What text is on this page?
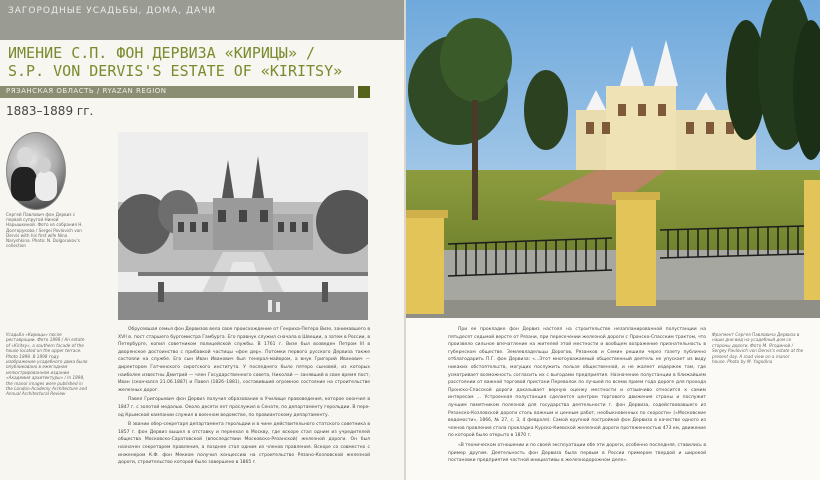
ЗАГОРОДНЫЕ УСАДЬБЫ, ДОМА, ДАЧИ
ИМЕНИЕ С.П. ФОН ДЕРВИЗА «КИРИЦЫ» /
S.P. VON DERVIS'S ESTATE OF «KIRITSY»
РЯЗАНСКАЯ ОБЛАСТЬ / RYAZAN REGION
1883–1889 гг.
Сергей Павлович фон Дервиз с первой супругой Ниной Нарышкиной. Фото из собрания Н. Долгорукова / Sergei Pavlovich von Dervis with his first wife Nina Naryshkina. Photo: N. Dolgorukov's collection
Усадьба «Кирицы» после реставрации. Фото 1898 / An estate of «Kiritsy», a southern facade of the house located on the upper terrace. Photo 1898. В 1898 году изображение усадебного дома было опубликовано в ежегодном иллюстрированном издании «Академия архитектуры» / In 1898, the manor images were published in the London-Academy Architecture and Annual Architectural Review

Обрусевшая семья фон Дервизов вела свое происхождение от Генриха-Петера Визе, занимавшего в XVII в. пост старшего бургомистра Гамбурга. Его правнук служил сначала в Швеции, а затем в России, в Петербурге, копил советником полицейской службы. В 1761 г. Визе был возведен Петром III в дворянское достоинство с прибавкой частицы «фон дер». Потомки первого русского Дервиза также состояли на службе. Его сын Иван Иванович был генерал-майором, а внук Григорий Иванович — директором Гатчинского сиротского института. У последнего было пятеро сыновей, из которых наиболее известны Дмитрий — член Государственного совета, Николай — занявший в свое время пост, Иван (скончался 21.06.1887) и Павел (1826–1881), составивший огромное состояние на строительстве железных дорог.

Павел Григорьевич фон Дервиз получил образование в Училище правоведения, которое окончил в 1847 г. с золотой медалью. Около десяти лет прослужил в Сенате, по департаменту герольдии. В пере-од Крымской кампании служил в военном ведомстве, по провиантскому департаменту.

В звании обер-секретаря департамента герольдии и в чине действительного статского советника в 1857 г. фон Дервиз вышел в отставку и переехал в Москву, где вскоре стал одним из учредителей общества Московско-Саратовской (впоследствии Московско-Рязанской) железной дороги. Он был назначен секретарем правления, а позднее стал одним из членов правления. Вскоре со совместно с инженером К.Ф. фон Мекком получил концессию на строительство Рязано-Козловской железной дороги, строительство которой было завершено в 1865 г.

При ее прокладке фон Дервиз настоял на строительстве незапланированной полустанции на пятьдесят седьмой версте от Рязани, при пересечении железной дороги с Пронско-Спасским трактом, что произвело сильное впечатление на жителей этой местности и вообщем возражение признательность в губернском обществе. Землевладельцы Дорогов, Рязанков и Семин решили через газету публично отблагодарить П.Г. фон Дервиза: «...Этот многоуважаемый общественный деятель не упускает из виду никаких обстоятельств, могущих послужить пользе общественной, и не жалеет издержек там, где усматривает возможность согласить их с выгодами предприятия. Назначение полустанции в ближайшем расстоянии от важной торговой пристани Переволок по лучшей по всеми прием года дороге для прохода Пронско-Спасской дороги доказывает верную оценку местности и отзывчиво относится к самим интересам ... Устроенная полустанция сделается центром торгового движения страны и послужит лучшим памятником полезной для государства деятельности г. фон Дервиза, содействовавшего из Рязанско-Козловской дороги столь важным и ценным работ, необыкновенных по скорости» («Московские ведомости», 1866, № 27, с. 3, 4 февраля). Самой крупной постройкой фон Дервиза в качестве одного из членов правления стала прокладка Курско-Киевской железной дороги протяженностью 473 км, движение по которой было открыто в 1870 г.

«В техническом отношении и по своей эксплуатации обе эти дороги, особенно последняя, ставились в пример другим. Деятельность фон Дервиза была первым в России примером твердой и широкой постановки предприятия частной инициативы в железнодорожном деле».

Фрагмент Сергея Павловича Дервиза в наши дни вид на усадебный дом со стороны дороги. Фото М. Ягодиной / Sergey Pavlovich von Dervis's estate at the present day. A road view on a manor house. Photo by M. Yagodina
